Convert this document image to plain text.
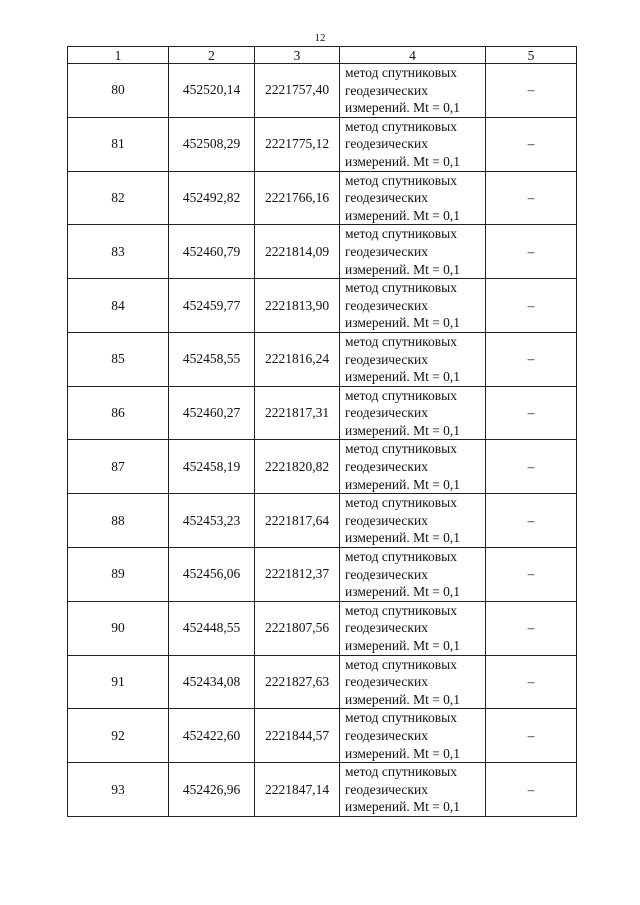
12
1	2	3	4	5
80	452520,14	2221757,40	метод спутниковых
геодезических
измерений. Mt = 0,1	–
81	452508,29	2221775,12	метод спутниковых
геодезических
измерений. Mt = 0,1	–
82	452492,82	2221766,16	метод спутниковых
геодезических
измерений. Mt = 0,1	–
83	452460,79	2221814,09	метод спутниковых
геодезических
измерений. Mt = 0,1	–
84	452459,77	2221813,90	метод спутниковых
геодезических
измерений. Mt = 0,1	–
85	452458,55	2221816,24	метод спутниковых
геодезических
измерений. Mt = 0,1	–
86	452460,27	2221817,31	метод спутниковых
геодезических
измерений. Mt = 0,1	–
87	452458,19	2221820,82	метод спутниковых
геодезических
измерений. Mt = 0,1	–
88	452453,23	2221817,64	метод спутниковых
геодезических
измерений. Mt = 0,1	–
89	452456,06	2221812,37	метод спутниковых
геодезических
измерений. Mt = 0,1	–
90	452448,55	2221807,56	метод спутниковых
геодезических
измерений. Mt = 0,1	–
91	452434,08	2221827,63	метод спутниковых
геодезических
измерений. Mt = 0,1	–
92	452422,60	2221844,57	метод спутниковых
геодезических
измерений. Mt = 0,1	–
93	452426,96	2221847,14	метод спутниковых
геодезических
измерений. Mt = 0,1	–
